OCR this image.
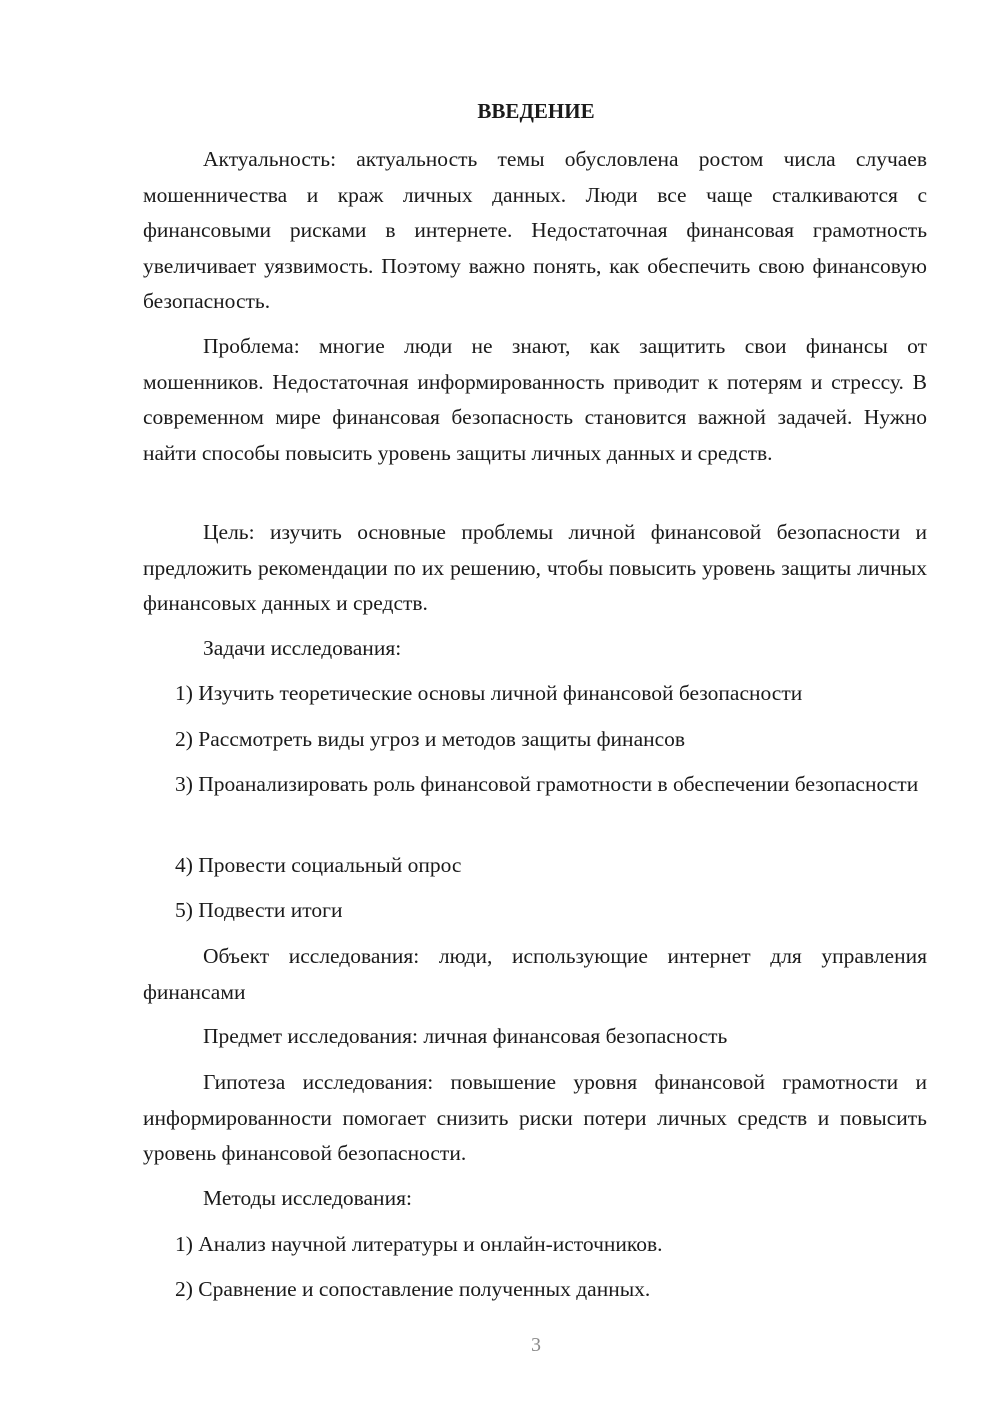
ВВЕДЕНИЕ
Актуальность: актуальность темы обусловлена ростом числа случаев мошенничества и краж личных данных. Люди все чаще сталкиваются с финансовыми рисками в интернете. Недостаточная финансовая грамотность увеличивает уязвимость. Поэтому важно понять, как обеспечить свою финансовую безопасность.
Проблема: многие люди не знают, как защитить свои финансы от мошенников. Недостаточная информированность приводит к потерям и стрессу. В современном мире финансовая безопасность становится важной задачей. Нужно найти способы повысить уровень защиты личных данных и средств.
Цель: изучить основные проблемы личной финансовой безопасности и предложить рекомендации по их решению, чтобы повысить уровень защиты личных финансовых данных и средств.
Задачи исследования:
1) Изучить теоретические основы личной финансовой безопасности
2) Рассмотреть виды угроз и методов защиты финансов
3) Проанализировать роль финансовой грамотности в обеспечении безопасности
4) Провести социальный опрос
5) Подвести итоги
Объект исследования: люди, использующие интернет для управления финансами
Предмет исследования: личная финансовая безопасность
Гипотеза исследования: повышение уровня финансовой грамотности и информированности помогает снизить риски потери личных средств и повысить уровень финансовой безопасности.
Методы исследования:
1) Анализ научной литературы и онлайн-источников.
2) Сравнение и сопоставление полученных данных.
3
